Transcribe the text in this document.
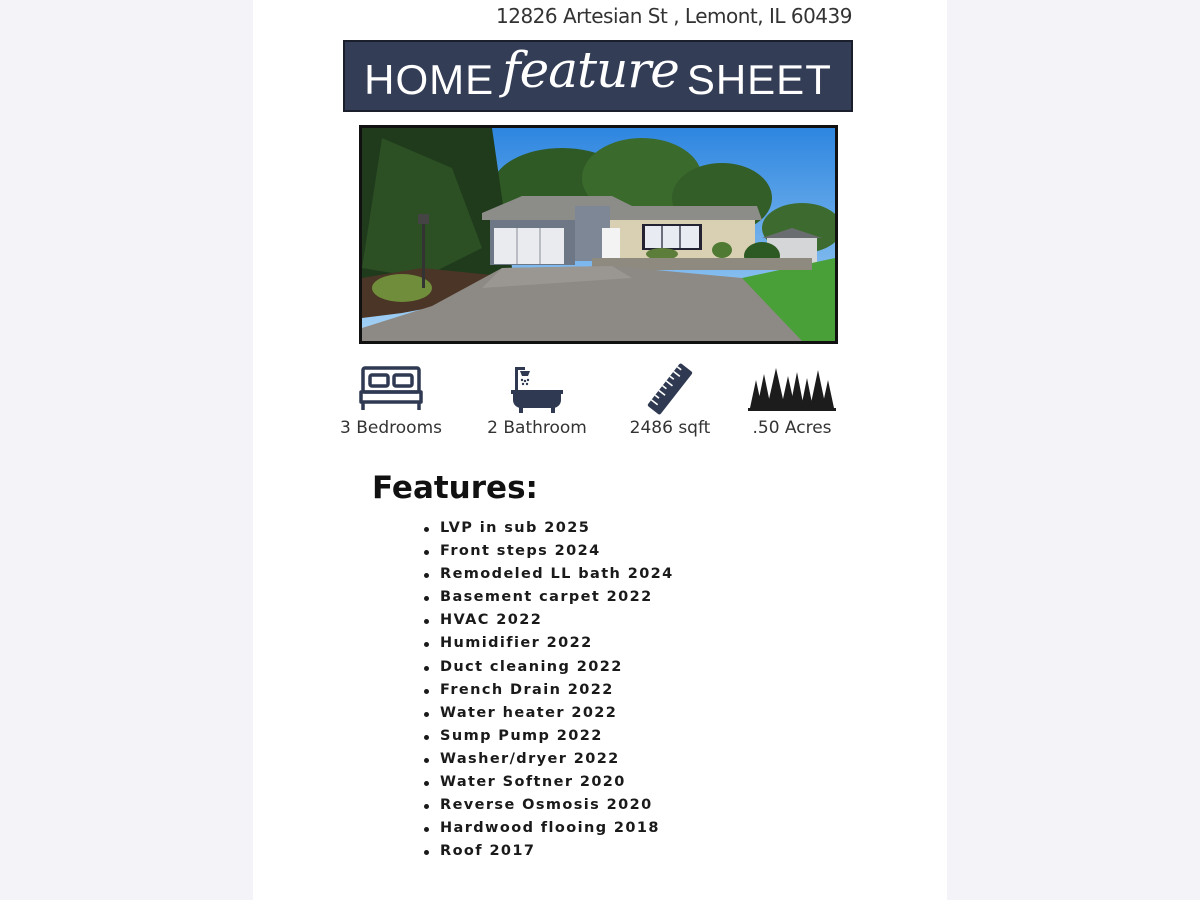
12826 Artesian St , Lemont, IL 60439
HOME feature SHEET
3 Bedrooms	2 Bathroom	2486 sqft	.50 Acres
Features:
LVP in sub 2025
Front steps 2024
Remodeled LL bath 2024
Basement carpet 2022
HVAC 2022
Humidifier 2022
Duct cleaning 2022
French Drain 2022
Water heater 2022
Sump Pump 2022
Washer/dryer 2022
Water Softner 2020
Reverse Osmosis 2020
Hardwood flooing 2018
Roof 2017
